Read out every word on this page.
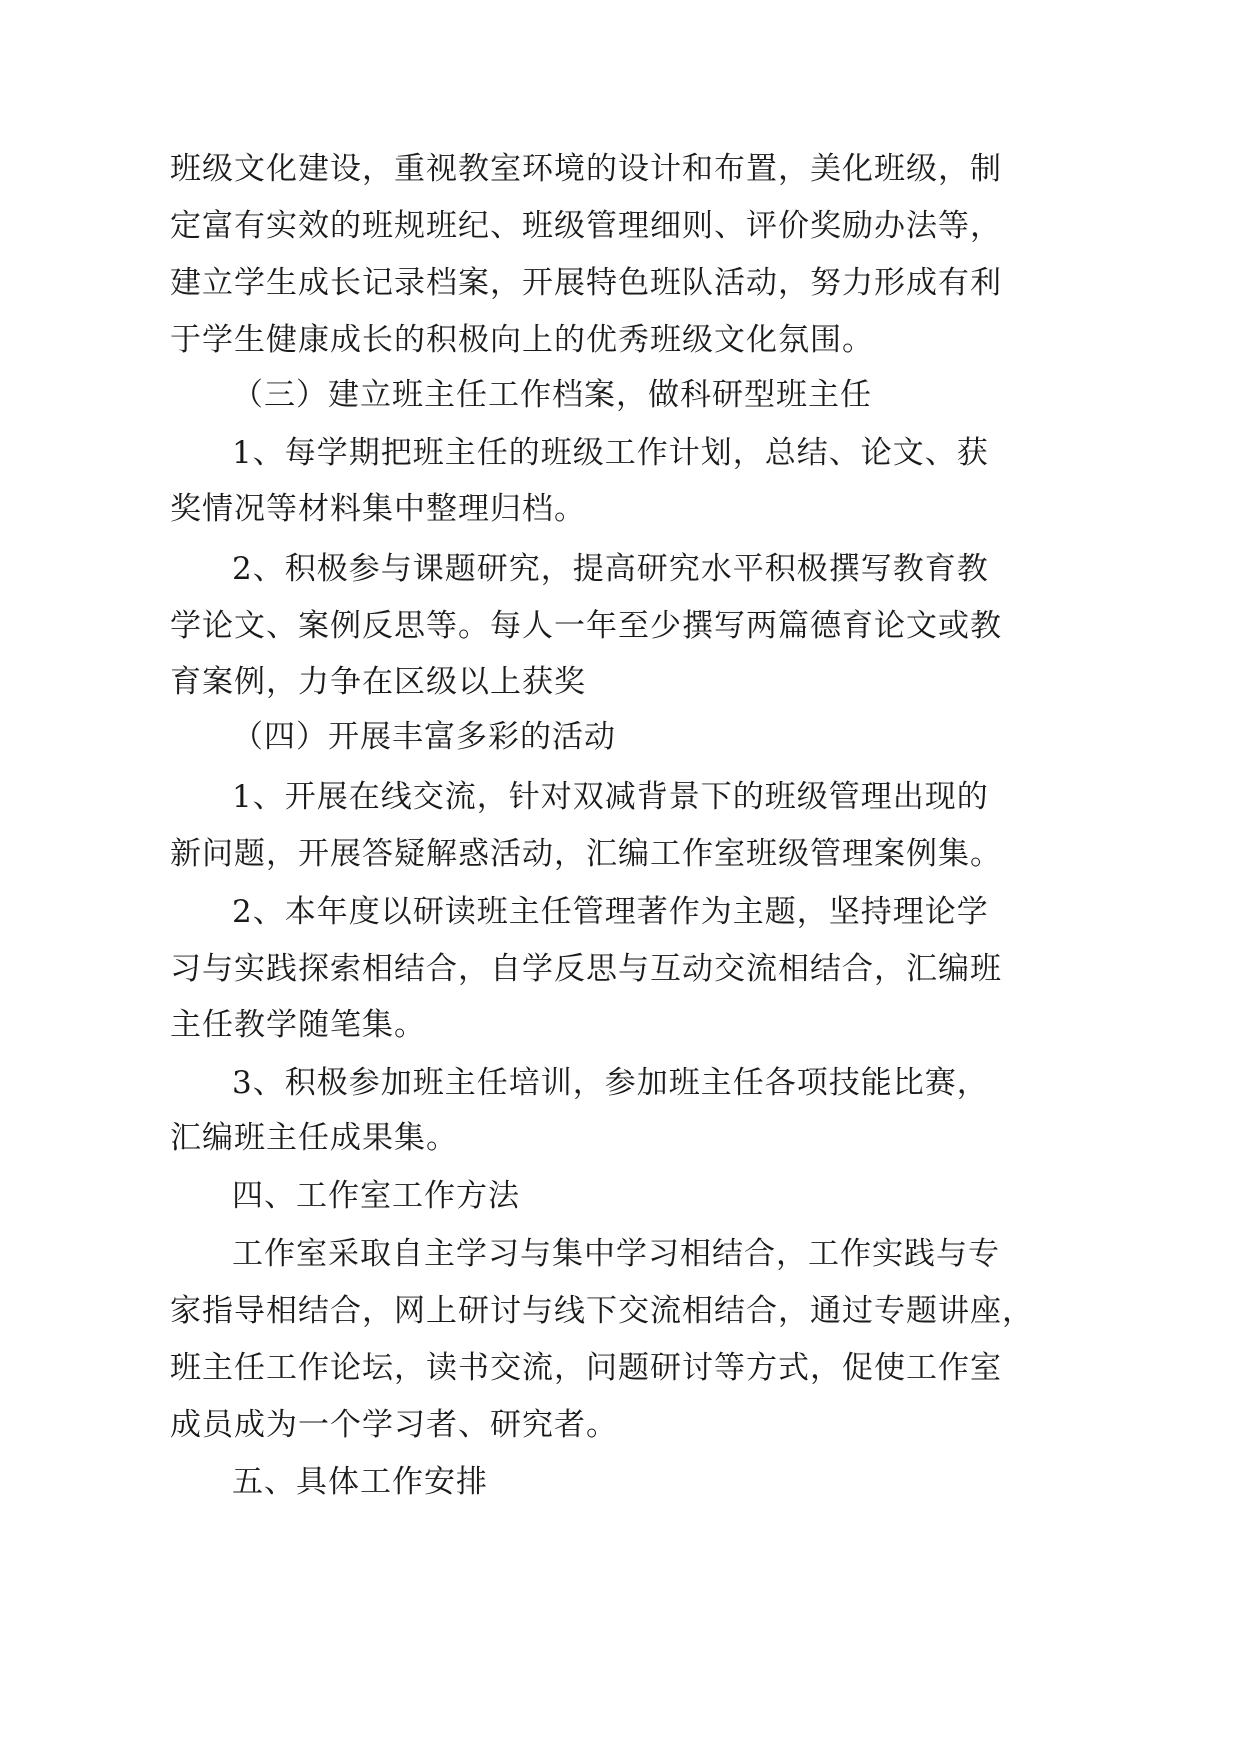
班级文化建设，重视教室环境的设计和布置，美化班级，制

定富有实效的班规班纪、班级管理细则、评价奖励办法等，

建立学生成长记录档案，开展特色班队活动，努力形成有利

于学生健康成长的积极向上的优秀班级文化氛围。

（三）建立班主任工作档案，做科研型班主任

1、每学期把班主任的班级工作计划，总结、论文、获

奖情况等材料集中整理归档。

2、积极参与课题研究，提高研究水平积极撰写教育教

学论文、案例反思等。每人一年至少撰写两篇德育论文或教

育案例，力争在区级以上获奖

（四）开展丰富多彩的活动

1、开展在线交流，针对双减背景下的班级管理出现的

新问题，开展答疑解惑活动，汇编工作室班级管理案例集。

2、本年度以研读班主任管理著作为主题，坚持理论学

习与实践探索相结合，自学反思与互动交流相结合，汇编班

主任教学随笔集。

3、积极参加班主任培训，参加班主任各项技能比赛，

汇编班主任成果集。

四、工作室工作方法

工作室采取自主学习与集中学习相结合，工作实践与专

家指导相结合，网上研讨与线下交流相结合，通过专题讲座，

班主任工作论坛，读书交流，问题研讨等方式，促使工作室

成员成为一个学习者、研究者。

五、具体工作安排
